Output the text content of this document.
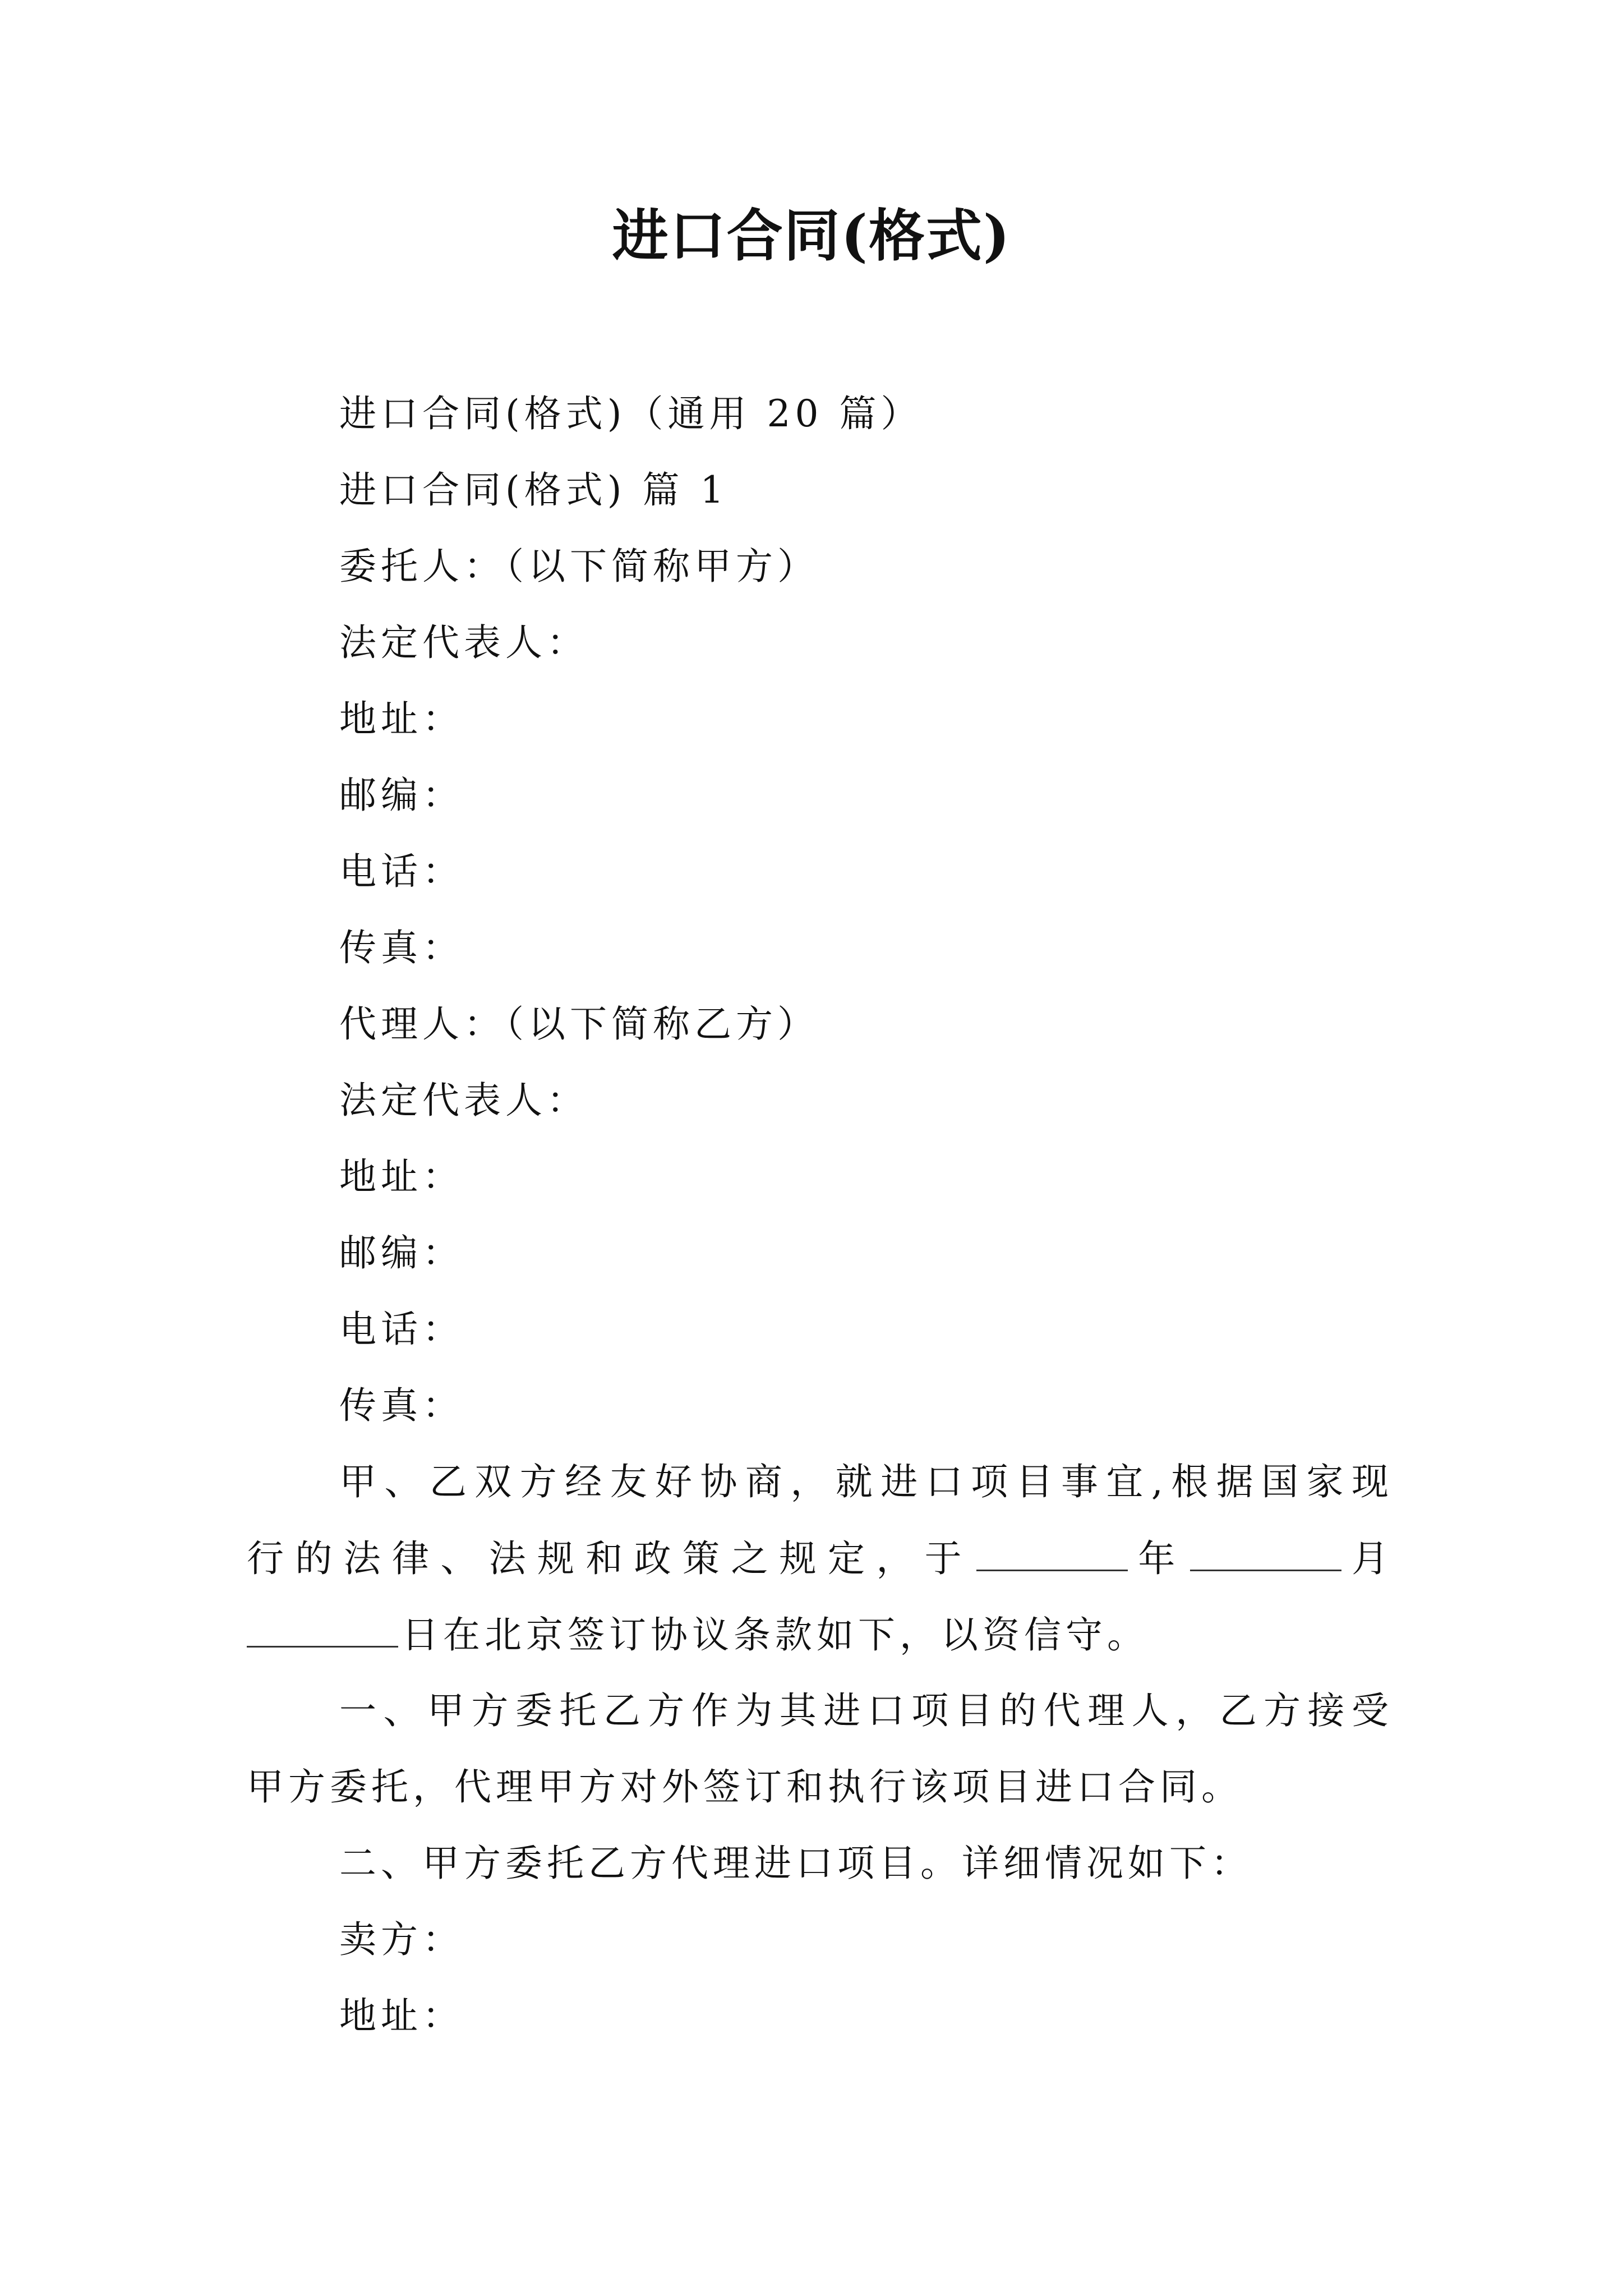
进口合同(格式)
进口合同(格式)（通用 20 篇）
进口合同(格式) 篇 1
委托人：（以下简称甲方）
法定代表人：
地址：
邮编：
电话：
传真：
代理人：（以下简称乙方）
法定代表人：
地址：
邮编：
电话：
传真：
甲、乙双方经友好协商，就进口项目事宜,根据国家现
行的法律、法规和政策之规定，于	年	月
日在北京签订协议条款如下，以资信守。
一、甲方委托乙方作为其进口项目的代理人，乙方接受
甲方委托，代理甲方对外签订和执行该项目进口合同。
二、甲方委托乙方代理进口项目。详细情况如下：
卖方：
地址：
